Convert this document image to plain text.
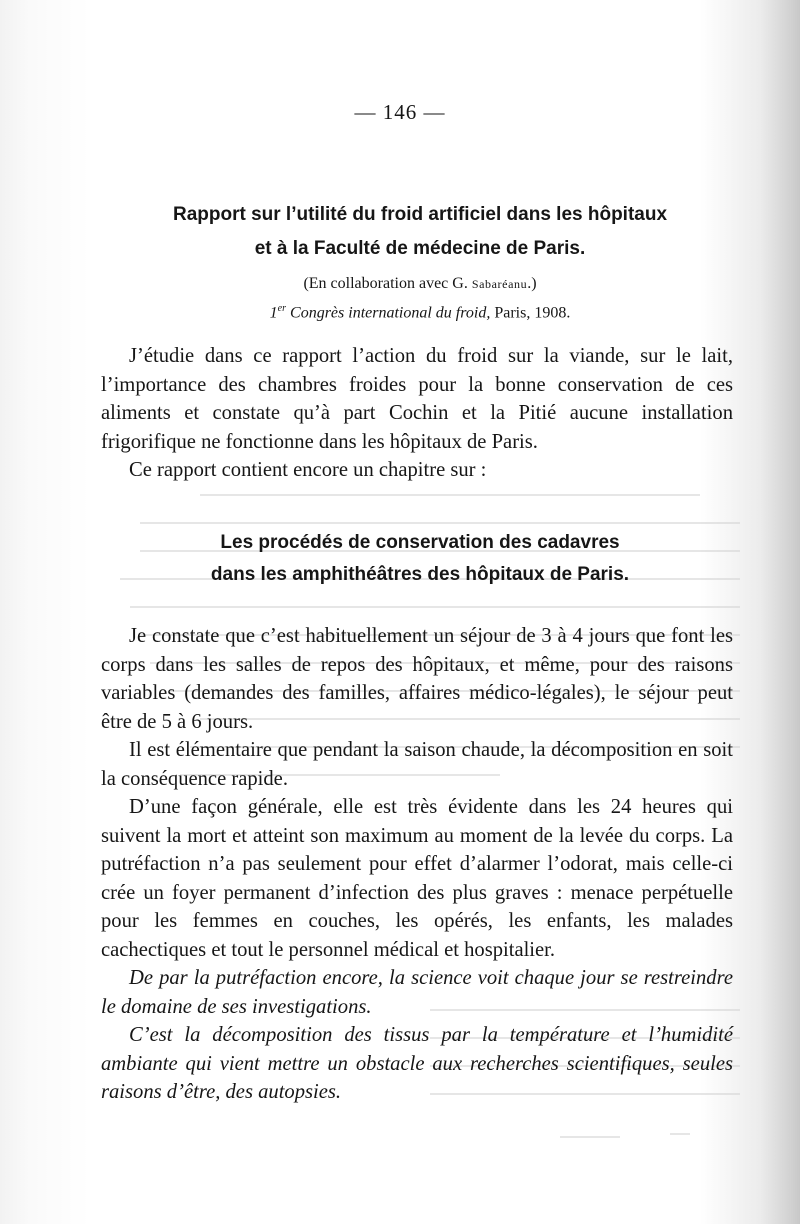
— 146 —
Rapport sur l’utilité du froid artificiel dans les hôpitaux
et à la Faculté de médecine de Paris.
(En collaboration avec G. Sabaréanu.)
1er Congrès international du froid, Paris, 1908.

J’étudie dans ce rapport l’action du froid sur la viande, sur le lait, l’importance des chambres froides pour la bonne conservation de ces aliments et constate qu’à part Cochin et la Pitié aucune installation frigorifique ne fonctionne dans les hôpitaux de Paris.

Ce rapport contient encore un chapitre sur :

Les procédés de conservation des cadavres
dans les amphithéâtres des hôpitaux de Paris.

Je constate que c’est habituellement un séjour de 3 à 4 jours que font les corps dans les salles de repos des hôpitaux, et même, pour des raisons variables (demandes des familles, affaires médico-légales), le séjour peut être de 5 à 6 jours.

Il est élémentaire que pendant la saison chaude, la décomposition en soit la conséquence rapide.

D’une façon générale, elle est très évidente dans les 24 heures qui suivent la mort et atteint son maximum au moment de la levée du corps. La putréfaction n’a pas seulement pour effet d’alarmer l’odorat, mais celle-ci crée un foyer permanent d’infection des plus graves : menace perpétuelle pour les femmes en couches, les opérés, les enfants, les malades cachectiques et tout le personnel médical et hospitalier.

De par la putréfaction encore, la science voit chaque jour se restreindre le domaine de ses investigations.

C’est la décomposition des tissus par la température et l’humidité ambiante qui vient mettre un obstacle aux recherches scientifiques, seules raisons d’être, des autopsies.
